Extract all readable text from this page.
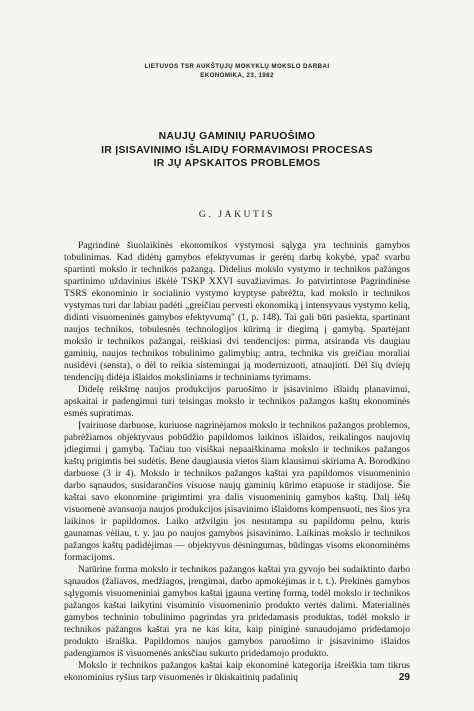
LIETUVOS TSR AUKŠTŲJŲ MOKYKLŲ MOKSLO DARBAI
EKONOMIKA, 23, 1982
NAUJŲ GAMINIŲ PARUOŠIMO
IR ĮSISAVINIMO IŠLAIDŲ FORMAVIMOSI PROCESAS
IR JŲ APSKAITOS PROBLEMOS
G. JAKUTIS

Pagrindinė šiuolaikinės ekonomikos vystymosi sąlyga yra techninis gamybos tobulinimas. Kad didėtų gamybos efektyvumas ir gerėtų darbų kokybė, ypač svarbu spartinti mokslo ir technikos pažangą. Didelius mokslo vystymo ir technikos pažangos spartinimo uždavinius iškėlė TSKP XXVI suvažiavimas. Jo patvirtintose Pagrindinėse TSRS ekonominio ir socialinio vystymo kryptyse pabrėžta, kad mokslo ir technikos vystymas turi dar labiau padėti „greičiau pervesti ekonomiką į intensyvaus vystymo kelią, didinti visuomeninės gamybos efektyvumą" (1, p. 148). Tai gali būti pasiekta, spartinant naujos technikos, tobulesnės technologijos kūrimą ir diegimą į gamybą. Spartėjant mokslo ir technikos pažangai, reiškiasi dvi tendencijos: pirma, atsiranda vis daugiau gaminių, naujos technikos tobulinimo galimybių; antra, technika vis greičiau moraliai nusidėvi (sensta), o dėl to reikia sistemingai ją modernizuoti, atnaujinti. Dėl šių dviejų tendencijų didėja išlaidos moksliniams ir techniniams tyrimams.

Didelę reikšmę naujos produkcijos paruošimo ir įsisavinimo išlaidų planavimui, apskaitai ir padengimui turi teisingas mokslo ir technikos pažangos kaštų ekonominės esmės supratimas.

Įvairiuose darbuose, kuriuose nagrinėjamos mokslo ir technikos pažangos problemos, pabrėžiamos objektyvaus pobūdžio papildomos laikinos išlaidos, reikalingos naujovių įdiegimui į gamybą. Tačiau tuo visiškai nepaaiškinama mokslo ir technikos pažangos kaštų prigimtis bei sudėtis. Bene daugiausia vietos šiam klausimui skiriama A. Borodkino darbuose (3 ir 4). Mokslo ir technikos pažangos kaštai yra papildomos visuomeninio darbo sąnaudos, susidarančios visuose naujų gaminių kūrimo etapuose ir stadijose. Šie kaštai savo ekonomine prigimtimi yra dalis visuomeninių gamybos kaštų. Dalį lėšų visuomenė avansuoja naujos produkcijos įsisavinimo išlaidoms kompensuoti, nes šios yra laikinos ir papildomos. Laiko atžvilgiu jos nesutampa su papildomu pelnu, kuris gaunamas vėliau, t. y. jau po naujos gamybos įsisavinimo. Laikinas mokslo ir technikos pažangos kaštų padidėjimas — objektyvus dėsningumas, būdingas visoms ekonominėms formacijoms.

Natūrine forma mokslo ir technikos pažangos kaštai yra gyvojo bei sudaiktinto darbo sąnaudos (žaliavos, medžiagos, įrengimai, darbo apmokėjimas ir t. t.). Prekinės gamybos sąlygomis visuomeniniai gamybos kaštai įgauna vertinę formą, todėl mokslo ir technikos pažangos kaštai laikytini visuminio visuomeninio produkto vertės dalimi. Materialinės gamybos techninio tobulinimo pagrindas yra pridedamasis produktas, todėl mokslo ir technikos pažangos kaštai yra ne kas kita, kaip piniginė sunaudojamo pridedamojo produkto išraiška. Papildomos naujos gamybos paruošimo ir įsisavinimo išlaidos padengiamos iš visuomenės anksčiau sukurto pridedamojo produkto.

Mokslo ir technikos pažangos kaštai kaip ekonominė kategorija išreiškia tam tikrus ekonominius ryšius tarp visuomenės ir ūkiskaitinių padalinių	29
